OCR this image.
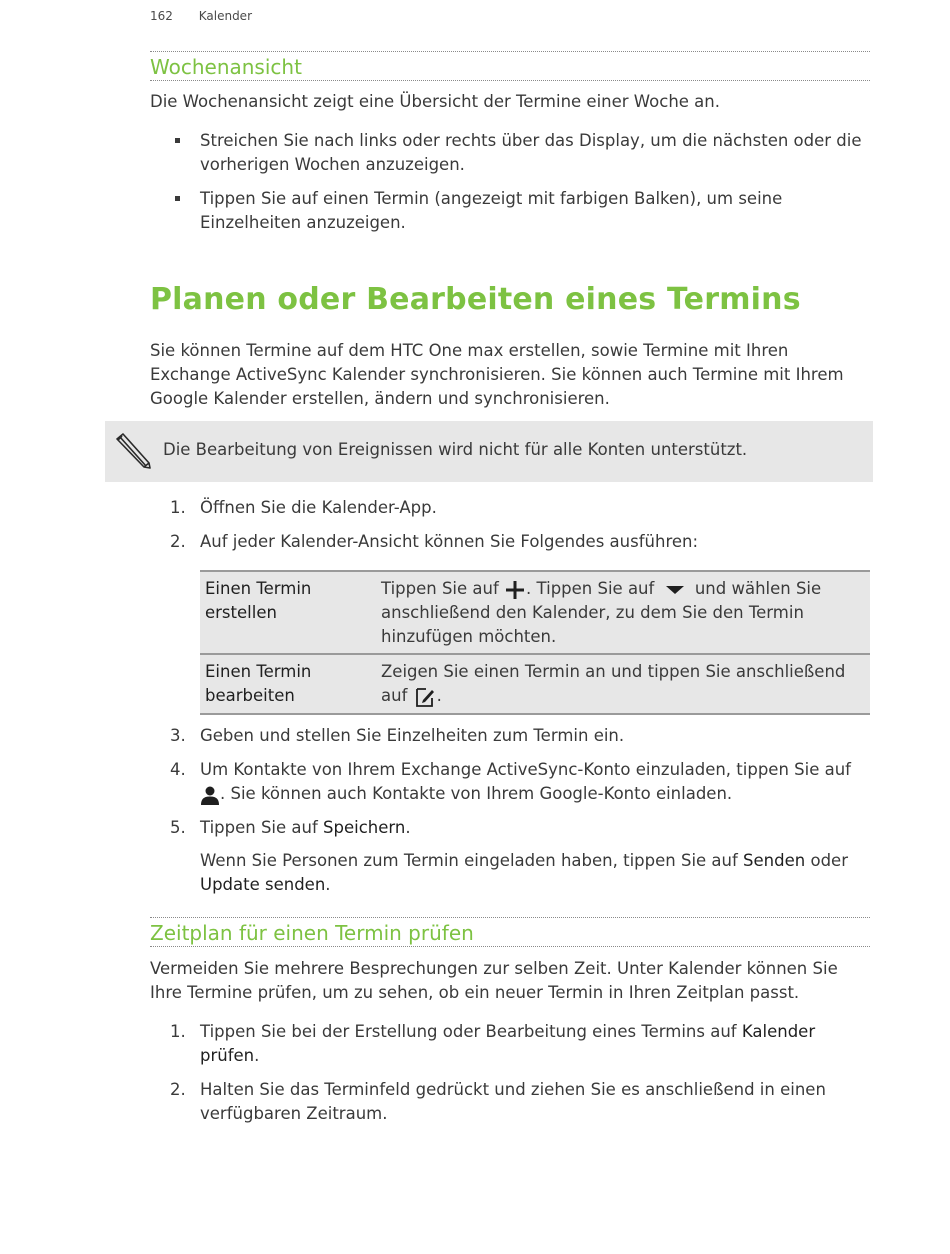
162 Kalender
Wochenansicht

Die Wochenansicht zeigt eine Übersicht der Termine einer Woche an.

Streichen Sie nach links oder rechts über das Display, um die nächsten oder die vorherigen Wochen anzuzeigen.
Tippen Sie auf einen Termin (angezeigt mit farbigen Balken), um seine Einzelheiten anzuzeigen.
Planen oder Bearbeiten eines Termins

Sie können Termine auf dem HTC One max erstellen, sowie Termine mit Ihren Exchange ActiveSync Kalender synchronisieren. Sie können auch Termine mit Ihrem Google Kalender erstellen, ändern und synchronisieren.

Die Bearbeitung von Ereignissen wird nicht für alle Konten unterstützt.
1. Öffnen Sie die Kalender-App.
2. Auf jeder Kalender-Ansicht können Sie Folgendes ausführen:
Einen Termin erstellen	Tippen Sie auf . Tippen Sie auf und wählen Sie anschließend den Kalender, zu dem Sie den Termin hinzufügen möchten.
Einen Termin bearbeiten	Zeigen Sie einen Termin an und tippen Sie anschließend auf .
3. Geben und stellen Sie Einzelheiten zum Termin ein.
4. Um Kontakte von Ihrem Exchange ActiveSync-Konto einzuladen, tippen Sie auf . Sie können auch Kontakte von Ihrem Google-Konto einladen.
5. Tippen Sie auf Speichern.

Wenn Sie Personen zum Termin eingeladen haben, tippen Sie auf Senden oder Update senden.

Zeitplan für einen Termin prüfen

Vermeiden Sie mehrere Besprechungen zur selben Zeit. Unter Kalender können Sie Ihre Termine prüfen, um zu sehen, ob ein neuer Termin in Ihren Zeitplan passt.

1. Tippen Sie bei der Erstellung oder Bearbeitung eines Termins auf Kalender prüfen.
2. Halten Sie das Terminfeld gedrückt und ziehen Sie es anschließend in einen verfügbaren Zeitraum.
